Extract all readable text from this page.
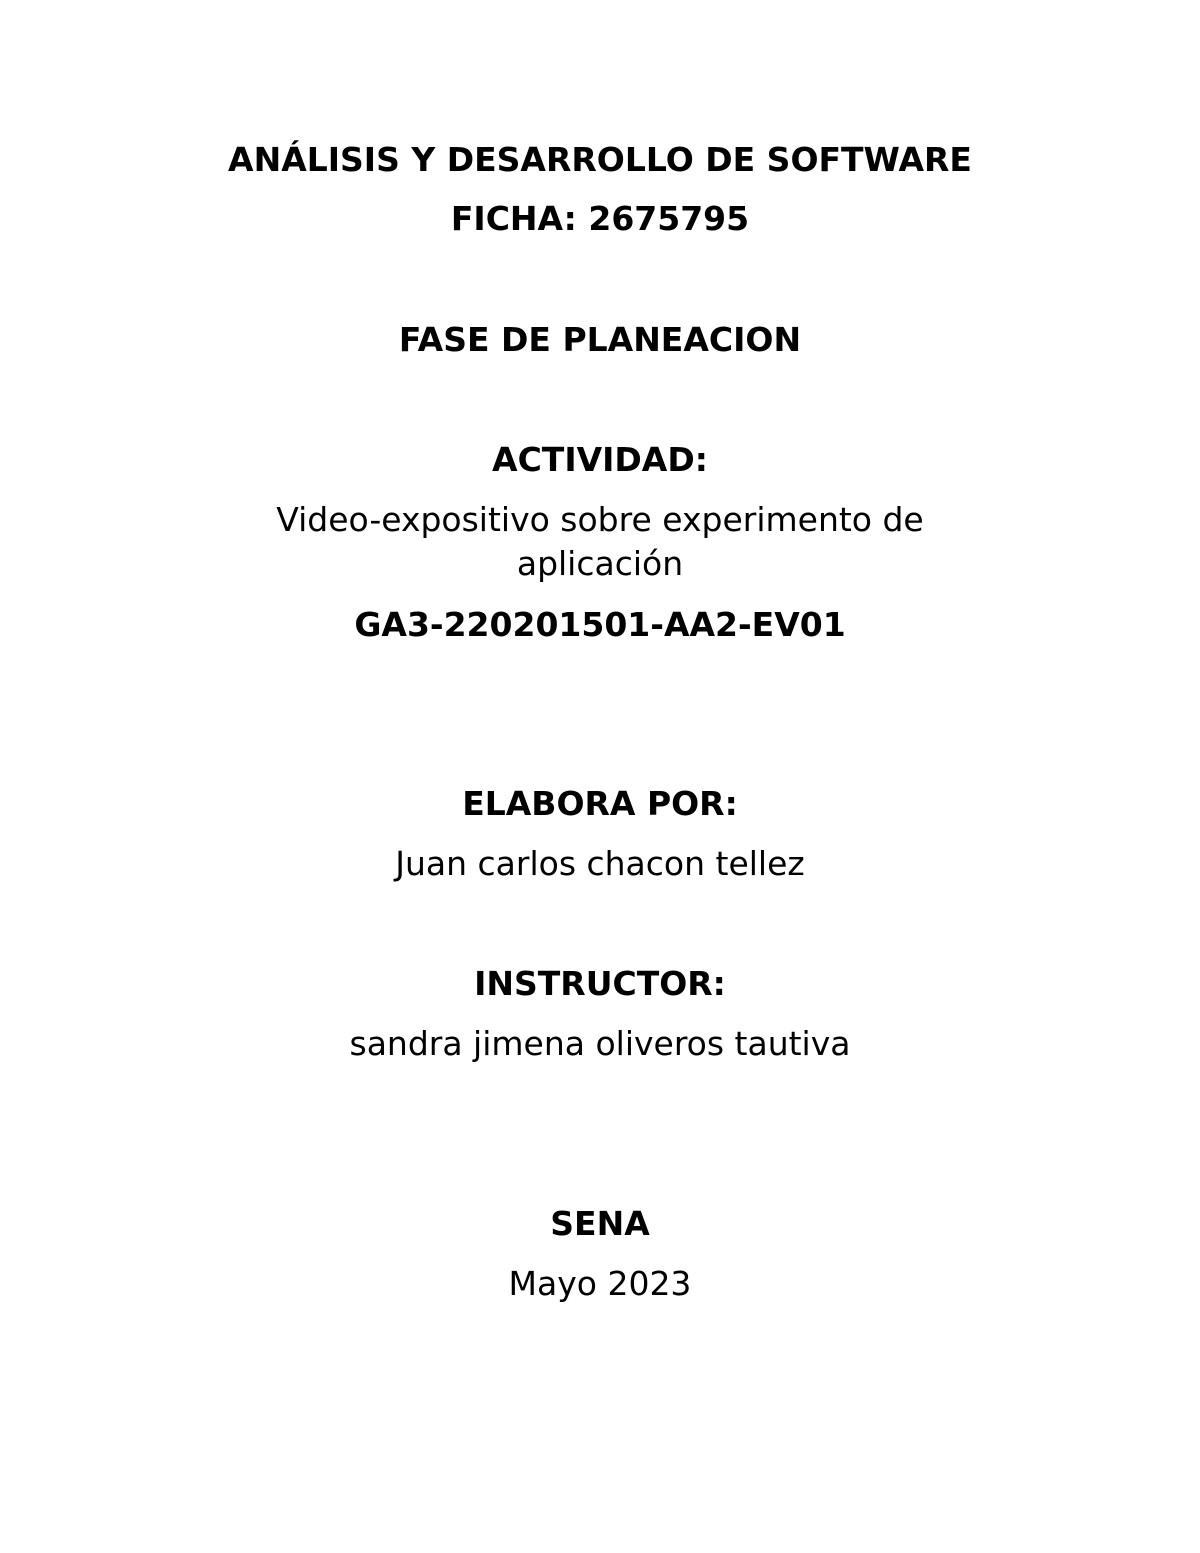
ANÁLISIS Y DESARROLLO DE SOFTWARE
FICHA: 2675795
FASE DE PLANEACION
ACTIVIDAD:
Video-expositivo sobre experimento de
aplicación
GA3-220201501-AA2-EV01
ELABORA POR:
Juan carlos chacon tellez
INSTRUCTOR:
sandra jimena oliveros tautiva
SENA
Mayo 2023
